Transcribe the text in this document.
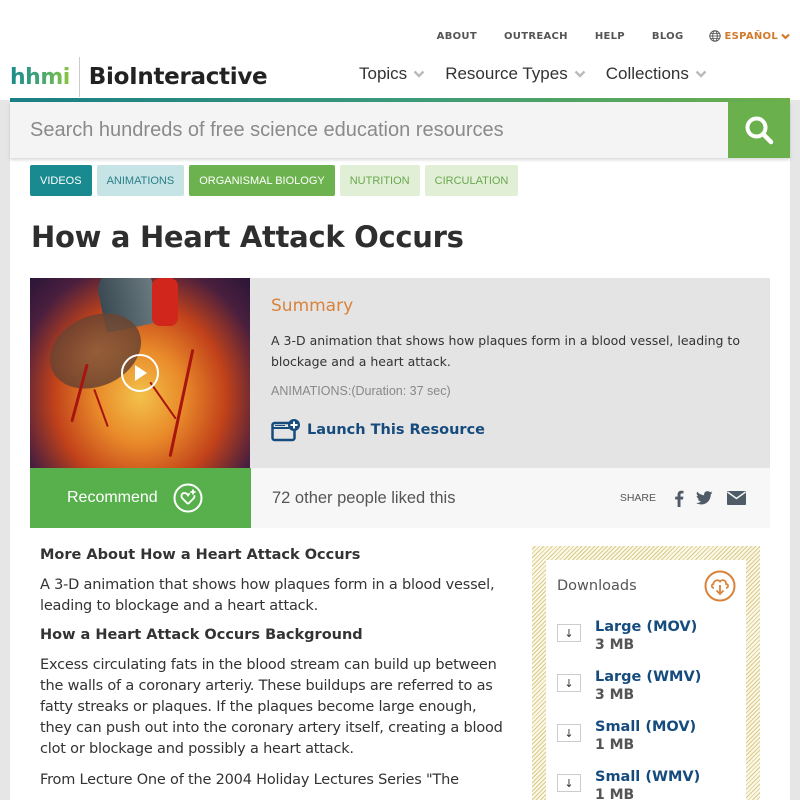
ABOUT	OUTREACH	HELP	BLOG	ESPAÑOL
hhmi BioInteractive	Topics Resource Types Collections
Search hundreds of free science education resources
VIDEOS	ANIMATIONS	ORGANISMAL BIOLOGY	NUTRITION	CIRCULATION
How a Heart Attack Occurs
Summary
A 3-D animation that shows how plaques form in a blood vessel, leading to blockage and a heart attack.
ANIMATIONS:(Duration: 37 sec)
Launch This Resource
Recommend	72 other people liked this	SHARE
More About How a Heart Attack Occurs

A 3-D animation that shows how plaques form in a blood vessel, leading to blockage and a heart attack.

How a Heart Attack Occurs Background

Excess circulating fats in the blood stream can build up between the walls of a coronary arteriy. These buildups are referred to as fatty streaks or plaques. If the plaques become large enough, they can push out into the coronary artery itself, creating a blood clot or blockage and possibly a heart attack.

From Lecture One of the 2004 Holiday Lectures Series "The

Downloads
↓	Large (MOV)
3 MB
↓	Large (WMV)
3 MB
↓	Small (MOV)
1 MB
↓	Small (WMV)
1 MB
